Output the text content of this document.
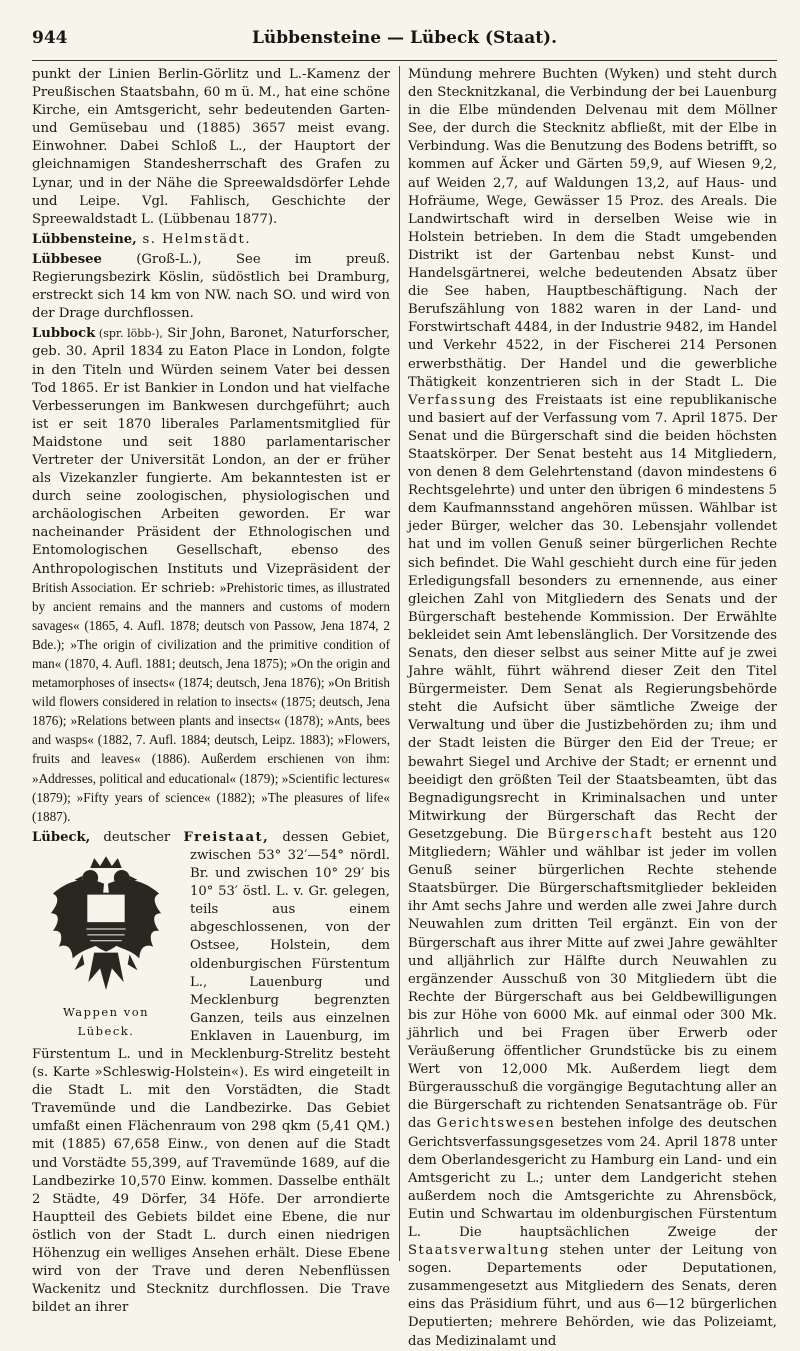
944	Lübbensteine — Lübeck (Staat).

punkt der Linien Berlin-Görlitz und L.-Kamenz der Preußischen Staatsbahn, 60 m ü. M., hat eine schöne Kirche, ein Amtsgericht, sehr bedeutenden Garten- und Gemüsebau und (1885) 3657 meist evang. Einwohner. Dabei Schloß L., der Hauptort der gleichnamigen Standesherrschaft des Grafen zu Lynar, und in der Nähe die Spreewaldsdörfer Lehde und Leipe. Vgl. Fahlisch, Geschichte der Spreewaldstadt L. (Lübbenau 1877).

Lübbensteine, s. Helmstädt.

Lübbesee (Groß-L.), See im preuß. Regierungsbezirk Köslin, südöstlich bei Dramburg, erstreckt sich 14 km von NW. nach SO. und wird von der Drage durchflossen.

Lubbock (spr. löbb-), Sir John, Baronet, Naturforscher, geb. 30. April 1834 zu Eaton Place in London, folgte in den Titeln und Würden seinem Vater bei dessen Tod 1865. Er ist Bankier in London und hat vielfache Verbesserungen im Bankwesen durchgeführt; auch ist er seit 1870 liberales Parlamentsmitglied für Maidstone und seit 1880 parlamentarischer Vertreter der Universität London, an der er früher als Vizekanzler fungierte. Am bekanntesten ist er durch seine zoologischen, physiologischen und archäologischen Arbeiten geworden. Er war nacheinander Präsident der Ethnologischen und Entomologischen Gesellschaft, ebenso des Anthropologischen Instituts und Vizepräsident der British Association. Er schrieb: »Prehistoric times, as illustrated by ancient remains and the manners and customs of modern savages« (1865, 4. Aufl. 1878; deutsch von Passow, Jena 1874, 2 Bde.); »The origin of civilization and the primitive condition of man« (1870, 4. Aufl. 1881; deutsch, Jena 1875); »On the origin and metamorphoses of insects« (1874; deutsch, Jena 1876); »On British wild flowers considered in relation to insects« (1875; deutsch, Jena 1876); »Relations between plants and insects« (1878); »Ants, bees and wasps« (1882, 7. Aufl. 1884; deutsch, Leipz. 1883); »Flowers, fruits and leaves« (1886). Außerdem erschienen von ihm: »Addresses, political and educational« (1879); »Scientific lectures« (1879); »Fifty years of science« (1882); »The pleasures of life« (1887).

Lübeck, deutscher Freistaat,
Wappen von Lübeck.
dessen Gebiet, zwischen 53° 32′—54° nördl. Br. und zwischen 10° 29′ bis 10° 53′ östl. L. v. Gr. gelegen, teils aus einem abgeschlossenen, von der Ostsee, Holstein, dem oldenburgischen Fürstentum L., Lauenburg und Mecklenburg begrenzten Ganzen, teils aus einzelnen Enklaven in Lauenburg, im Fürstentum L. und in Mecklenburg-Strelitz besteht (s. Karte »Schleswig-Holstein«). Es wird eingeteilt in die Stadt L. mit den Vorstädten, die Stadt Travemünde und die Landbezirke. Das Gebiet umfaßt einen Flächenraum von 298 qkm (5,41 QM.) mit (1885) 67,658 Einw., von denen auf die Stadt und Vorstädte 55,399, auf Travemünde 1689, auf die Landbezirke 10,570 Einw. kommen. Dasselbe enthält 2 Städte, 49 Dörfer, 34 Höfe. Der arrondierte Hauptteil des Gebiets bildet eine Ebene, die nur östlich von der Stadt L. durch einen niedrigen Höhenzug ein welliges Ansehen erhält. Diese Ebene wird von der Trave und deren Nebenflüssen Wackenitz und Stecknitz durchflossen. Die Trave bildet an ihrer

Mündung mehrere Buchten (Wyken) und steht durch den Stecknitzkanal, die Verbindung der bei Lauenburg in die Elbe mündenden Delvenau mit dem Möllner See, der durch die Stecknitz abfließt, mit der Elbe in Verbindung. Was die Benutzung des Bodens betrifft, so kommen auf Äcker und Gärten 59,9, auf Wiesen 9,2, auf Weiden 2,7, auf Waldungen 13,2, auf Haus- und Hofräume, Wege, Gewässer 15 Proz. des Areals. Die Landwirtschaft wird in derselben Weise wie in Holstein betrieben. In dem die Stadt umgebenden Distrikt ist der Gartenbau nebst Kunst- und Handelsgärtnerei, welche bedeutenden Absatz über die See haben, Hauptbeschäftigung. Nach der Berufszählung von 1882 waren in der Land- und Forstwirtschaft 4484, in der Industrie 9482, im Handel und Verkehr 4522, in der Fischerei 214 Personen erwerbsthätig. Der Handel und die gewerbliche Thätigkeit konzentrieren sich in der Stadt L. Die Verfassung des Freistaats ist eine republikanische und basiert auf der Verfassung vom 7. April 1875. Der Senat und die Bürgerschaft sind die beiden höchsten Staatskörper. Der Senat besteht aus 14 Mitgliedern, von denen 8 dem Gelehrtenstand (davon mindestens 6 Rechtsgelehrte) und unter den übrigen 6 mindestens 5 dem Kaufmannsstand angehören müssen. Wählbar ist jeder Bürger, welcher das 30. Lebensjahr vollendet hat und im vollen Genuß seiner bürgerlichen Rechte sich befindet. Die Wahl geschieht durch eine für jeden Erledigungsfall besonders zu ernennende, aus einer gleichen Zahl von Mitgliedern des Senats und der Bürgerschaft bestehende Kommission. Der Erwählte bekleidet sein Amt lebenslänglich. Der Vorsitzende des Senats, den dieser selbst aus seiner Mitte auf je zwei Jahre wählt, führt während dieser Zeit den Titel Bürgermeister. Dem Senat als Regierungsbehörde steht die Aufsicht über sämtliche Zweige der Verwaltung und über die Justizbehörden zu; ihm und der Stadt leisten die Bürger den Eid der Treue; er bewahrt Siegel und Archive der Stadt; er ernennt und beeidigt den größten Teil der Staatsbeamten, übt das Begnadigungsrecht in Kriminalsachen und unter Mitwirkung der Bürgerschaft das Recht der Gesetzgebung. Die Bürgerschaft besteht aus 120 Mitgliedern; Wähler und wählbar ist jeder im vollen Genuß seiner bürgerlichen Rechte stehende Staatsbürger. Die Bürgerschaftsmitglieder bekleiden ihr Amt sechs Jahre und werden alle zwei Jahre durch Neuwahlen zum dritten Teil ergänzt. Ein von der Bürgerschaft aus ihrer Mitte auf zwei Jahre gewählter und alljährlich zur Hälfte durch Neuwahlen zu ergänzender Ausschuß von 30 Mitgliedern übt die Rechte der Bürgerschaft aus bei Geldbewilligungen bis zur Höhe von 6000 Mk. auf einmal oder 300 Mk. jährlich und bei Fragen über Erwerb oder Veräußerung öffentlicher Grundstücke bis zu einem Wert von 12,000 Mk. Außerdem liegt dem Bürgerausschuß die vorgängige Begutachtung aller an die Bürgerschaft zu richtenden Senatsanträge ob. Für das Gerichtswesen bestehen infolge des deutschen Gerichtsverfassungsgesetzes vom 24. April 1878 unter dem Oberlandesgericht zu Hamburg ein Land- und ein Amtsgericht zu L.; unter dem Landgericht stehen außerdem noch die Amtsgerichte zu Ahrensböck, Eutin und Schwartau im oldenburgischen Fürstentum L. Die hauptsächlichen Zweige der Staatsverwaltung stehen unter der Leitung von sogen. Departements oder Deputationen, zusammengesetzt aus Mitgliedern des Senats, deren eins das Präsidium führt, und aus 6—12 bürgerlichen Deputierten; mehrere Behörden, wie das Polizeiamt, das Medizinalamt und
